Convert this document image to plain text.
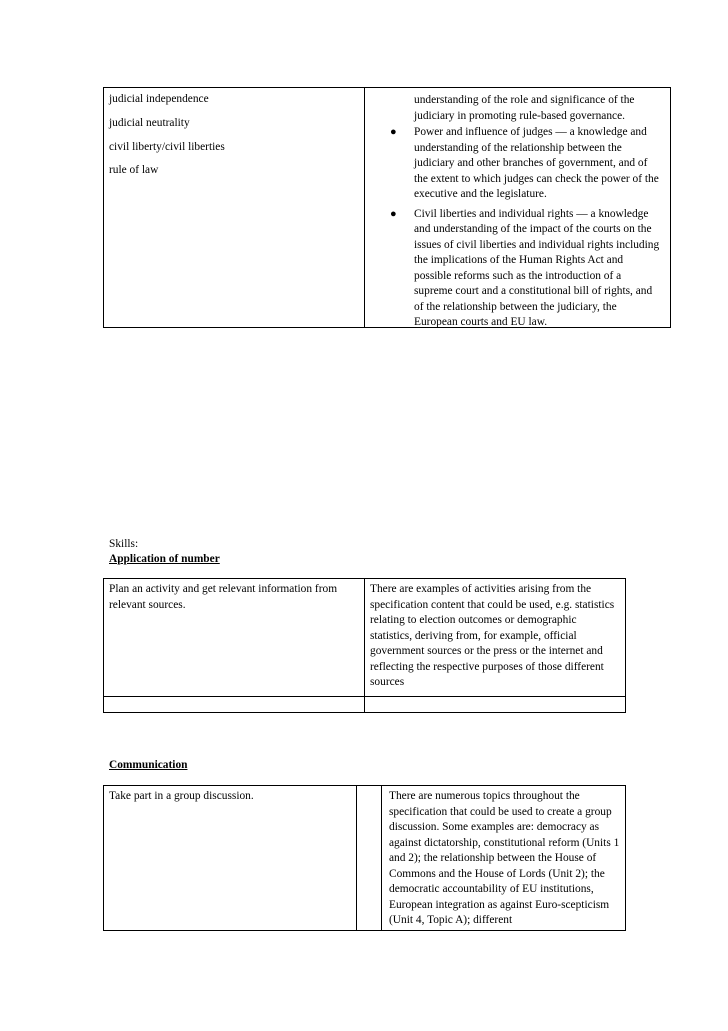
judicial independence
judicial neutrality
civil liberty/civil liberties
rule of law
understanding of the role and significance of the judiciary in promoting rule-based governance.
● Power and influence of judges — a knowledge and understanding of the relationship between the judiciary and other branches of government, and of the extent to which judges can check the power of the executive and the legislature.
● Civil liberties and individual rights — a knowledge and understanding of the impact of the courts on the issues of civil liberties and individual rights including the implications of the Human Rights Act and possible reforms such as the introduction of a supreme court and a constitutional bill of rights, and of the relationship between the judiciary, the European courts and EU law.
Skills:
Application of number
Plan an activity and get relevant information from relevant sources.
There are examples of activities arising from the specification content that could be used, e.g. statistics relating to election outcomes or demographic statistics, deriving from, for example, official government sources or the press or the internet and reflecting the respective purposes of those different sources
Communication
Take part in a group discussion.	There are numerous topics throughout the specification that could be used to create a group discussion. Some examples are: democracy as against dictatorship, constitutional reform (Units 1 and 2); the relationship between the House of Commons and the House of Lords (Unit 2); the democratic accountability of EU institutions, European integration as against Euro-scepticism (Unit 4, Topic A); different
